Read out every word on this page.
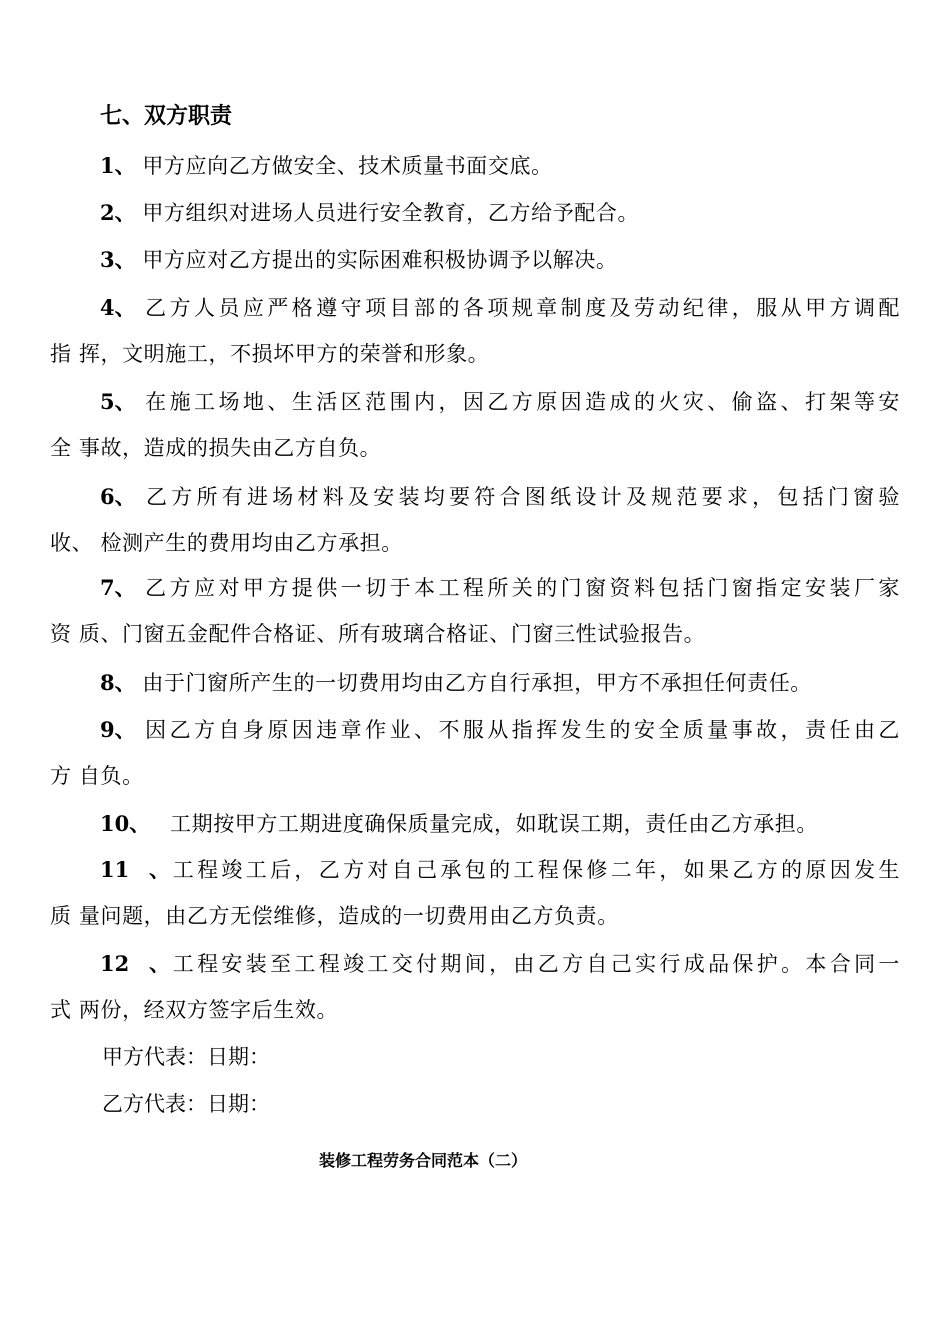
七、双方职责
1、 甲方应向乙方做安全、技术质量书面交底。
2、 甲方组织对进场人员进行安全教育，乙方给予配合。
3、 甲方应对乙方提出的实际困难积极协调予以解决。
4、 乙方人员应严格遵守项目部的各项规章制度及劳动纪律，服从甲方调配
指 挥，文明施工，不损坏甲方的荣誉和形象。
5、 在施工场地、生活区范围内，因乙方原因造成的火灾、偷盗、打架等安
全 事故，造成的损失由乙方自负。
6、 乙方所有进场材料及安装均要符合图纸设计及规范要求，包括门窗验
收、 检测产生的费用均由乙方承担。
7、 乙方应对甲方提供一切于本工程所关的门窗资料包括门窗指定安装厂家
资 质、门窗五金配件合格证、所有玻璃合格证、门窗三性试验报告。
8、 由于门窗所产生的一切费用均由乙方自行承担，甲方不承担任何责任。
9、 因乙方自身原因违章作业、不服从指挥发生的安全质量事故，责任由乙
方 自负。
10、 工期按甲方工期进度确保质量完成，如耽误工期，责任由乙方承担。
11、工程竣工后，乙方对自己承包的工程保修二年，如果乙方的原因发生
质 量问题，由乙方无偿维修，造成的一切费用由乙方负责。
12、工程安装至工程竣工交付期间，由乙方自己实行成品保护。本合同一
式 两份，经双方签字后生效。
甲方代表：日期：
乙方代表：日期：
装修工程劳务合同范本（二）
